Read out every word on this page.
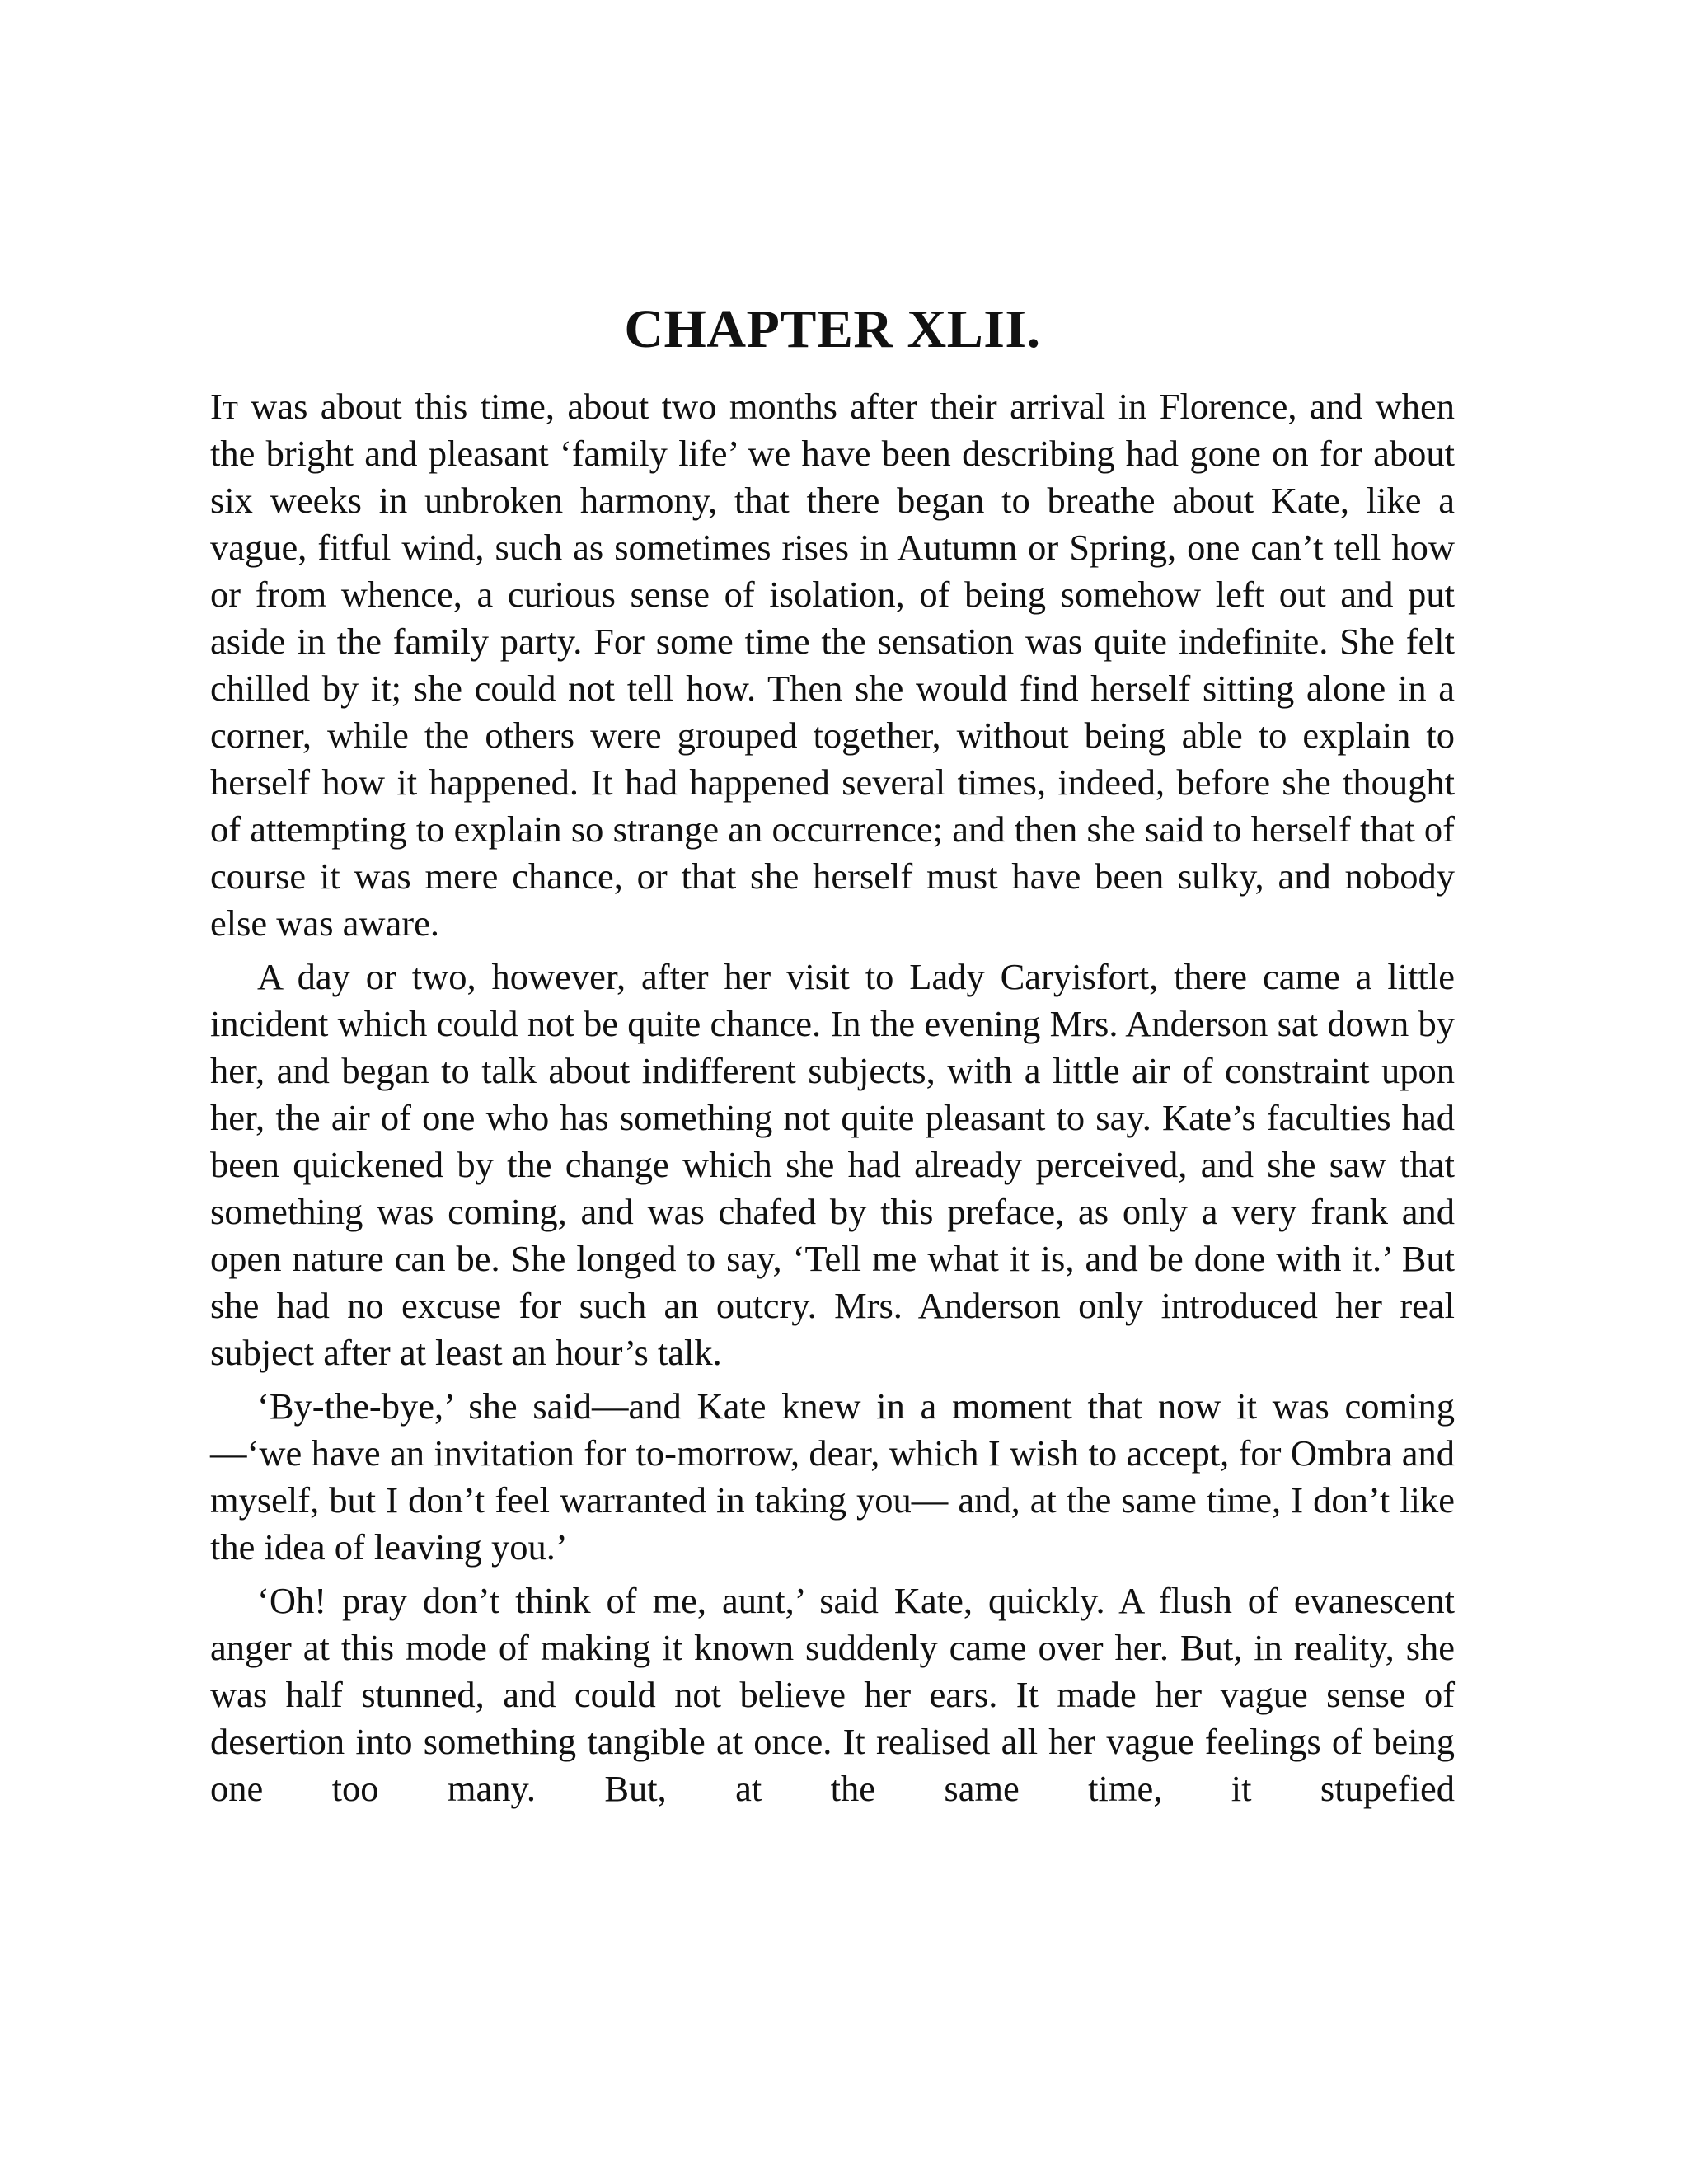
CHAPTER XLII.

It was about this time, about two months after their arrival in Florence, and when the bright and pleasant ‘family life’ we have been describing had gone on for about six weeks in unbroken harmony, that there began to breathe about Kate, like a vague, fitful wind, such as sometimes rises in Autumn or Spring, one can’t tell how or from whence, a curious sense of isolation, of being somehow left out and put aside in the family party. For some time the sensation was quite indefinite. She felt chilled by it; she could not tell how. Then she would find herself sitting alone in a corner, while the others were grouped together, without being able to explain to herself how it happened. It had happened several times, indeed, before she thought of attempting to explain so strange an occurrence; and then she said to herself that of course it was mere chance, or that she herself must have been sulky, and nobody else was aware.

A day or two, however, after her visit to Lady Caryisfort, there came a little incident which could not be quite chance. In the evening Mrs. Anderson sat down by her, and began to talk about indifferent subjects, with a little air of constraint upon her, the air of one who has something not quite pleasant to say. Kate’s faculties had been quickened by the change which she had already perceived, and she saw that something was coming, and was chafed by this preface, as only a very frank and open nature can be. She longed to say, ‘Tell me what it is, and be done with it.’ But she had no excuse for such an outcry. Mrs. Anderson only introduced her real subject after at least an hour’s talk.

‘By-the-bye,’ she said—and Kate knew in a moment that now it was coming—‘we have an invitation for to-morrow, dear, which I wish to accept, for Ombra and myself, but I don’t feel warranted in taking you— and, at the same time, I don’t like the idea of leaving you.’

‘Oh! pray don’t think of me, aunt,’ said Kate, quickly. A flush of evanescent anger at this mode of making it known suddenly came over her. But, in reality, she was half stunned, and could not believe her ears. It made her vague sense of desertion into something tangible at once. It realised all her vague feelings of being one too many. But, at the same time, it stupefied
